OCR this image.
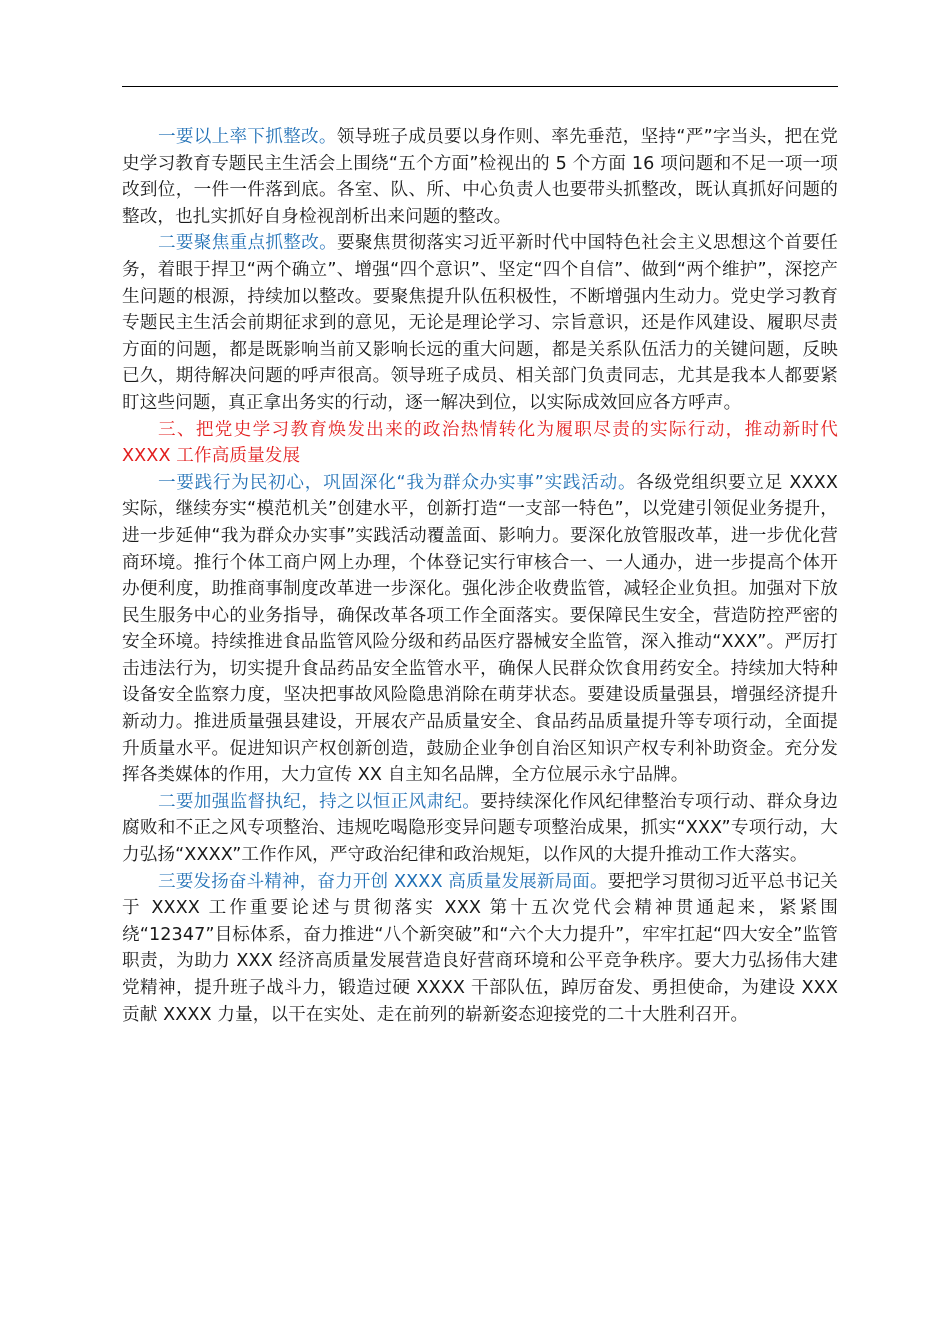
一要以上率下抓整改。领导班子成员要以身作则、率先垂范，坚持“严”字当头，把在党史学习教育专题民主生活会上围绕“五个方面”检视出的 5 个方面 16 项问题和不足一项一项改到位，一件一件落到底。各室、队、所、中心负责人也要带头抓整改，既认真抓好问题的整改，也扎实抓好自身检视剖析出来问题的整改。

二要聚焦重点抓整改。要聚焦贯彻落实习近平新时代中国特色社会主义思想这个首要任务，着眼于捍卫“两个确立”、增强“四个意识”、坚定“四个自信”、做到“两个维护”，深挖产生问题的根源，持续加以整改。要聚焦提升队伍积极性，不断增强内生动力。党史学习教育专题民主生活会前期征求到的意见，无论是理论学习、宗旨意识，还是作风建设、履职尽责方面的问题，都是既影响当前又影响长远的重大问题，都是关系队伍活力的关键问题，反映已久，期待解决问题的呼声很高。领导班子成员、相关部门负责同志，尤其是我本人都要紧盯这些问题，真正拿出务实的行动，逐一解决到位，以实际成效回应各方呼声。

三、把党史学习教育焕发出来的政治热情转化为履职尽责的实际行动，推动新时代 XXXX 工作高质量发展

一要践行为民初心，巩固深化“我为群众办实事”实践活动。各级党组织要立足 XXXX 实际，继续夯实“模范机关”创建水平，创新打造“一支部一特色”，以党建引领促业务提升，进一步延伸“我为群众办实事”实践活动覆盖面、影响力。要深化放管服改革，进一步优化营商环境。推行个体工商户网上办理，个体登记实行审核合一、一人通办，进一步提高个体开办便利度，助推商事制度改革进一步深化。强化涉企收费监管，减轻企业负担。加强对下放民生服务中心的业务指导，确保改革各项工作全面落实。要保障民生安全，营造防控严密的安全环境。持续推进食品监管风险分级和药品医疗器械安全监管，深入推动“XXX”。严厉打击违法行为，切实提升食品药品安全监管水平，确保人民群众饮食用药安全。持续加大特种设备安全监察力度，坚决把事故风险隐患消除在萌芽状态。要建设质量强县，增强经济提升新动力。推进质量强县建设，开展农产品质量安全、食品药品质量提升等专项行动，全面提升质量水平。促进知识产权创新创造，鼓励企业争创自治区知识产权专利补助资金。充分发挥各类媒体的作用，大力宣传 XX 自主知名品牌，全方位展示永宁品牌。

二要加强监督执纪，持之以恒正风肃纪。要持续深化作风纪律整治专项行动、群众身边腐败和不正之风专项整治、违规吃喝隐形变异问题专项整治成果，抓实“XXX”专项行动，大力弘扬“XXXX”工作作风，严守政治纪律和政治规矩，以作风的大提升推动工作大落实。

三要发扬奋斗精神，奋力开创 XXXX 高质量发展新局面。要把学习贯彻习近平总书记关于 XXXX 工作重要论述与贯彻落实 XXX 第十五次党代会精神贯通起来，紧紧围绕“12347”目标体系，奋力推进“八个新突破”和“六个大力提升”，牢牢扛起“四大安全”监管职责，为助力 XXX 经济高质量发展营造良好营商环境和公平竞争秩序。要大力弘扬伟大建党精神，提升班子战斗力，锻造过硬 XXXX 干部队伍，踔厉奋发、勇担使命，为建设 XXX 贡献 XXXX 力量，以干在实处、走在前列的崭新姿态迎接党的二十大胜利召开。
